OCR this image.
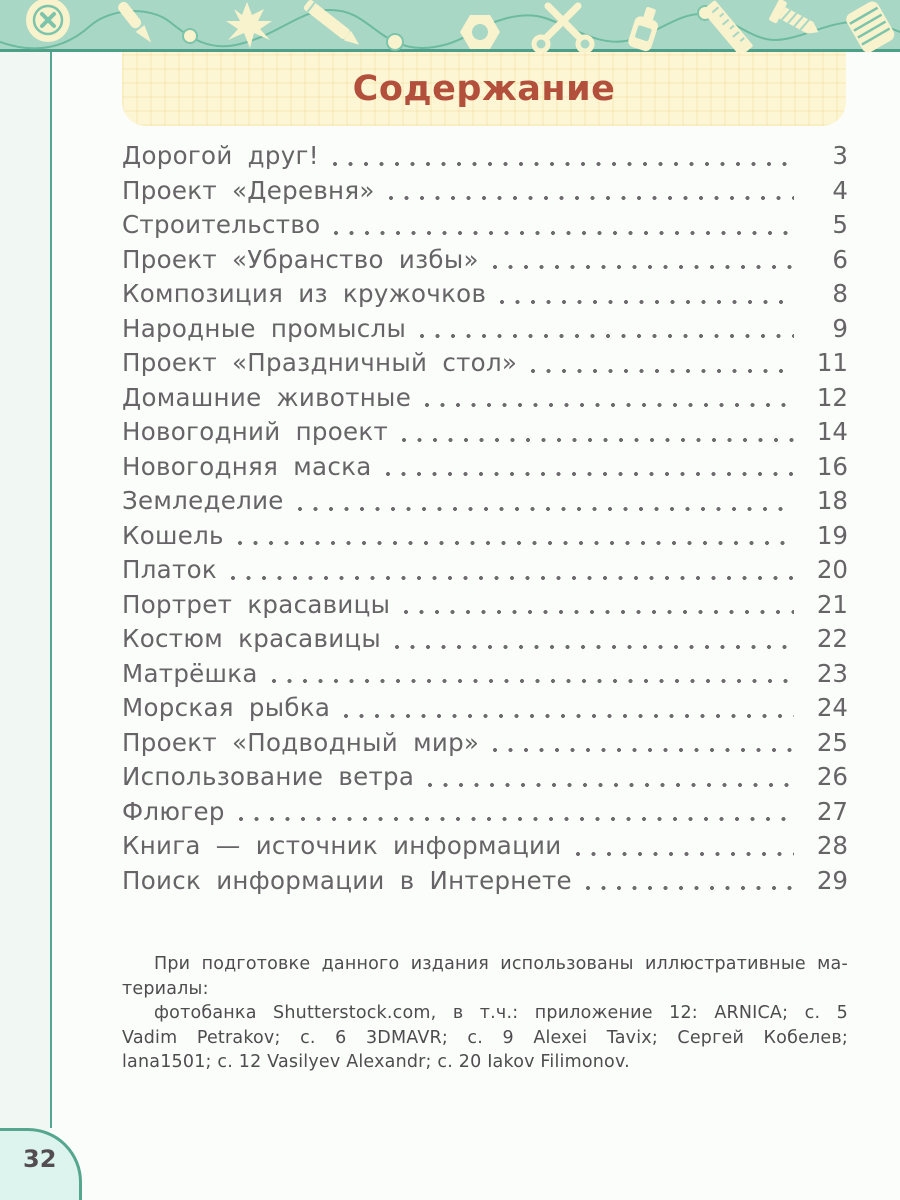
Содержание
Дорогой друг!	3
Проект «Деревня»	4
Строительство	5
Проект «Убранство избы»	6
Композиция из кружочков	8
Народные промыслы	9
Проект «Праздничный стол»	11
Домашние животные	12
Новогодний проект	14
Новогодняя маска	16
Земледелие	18
Кошель	19
Платок	20
Портрет красавицы	21
Костюм красавицы	22
Матрёшка	23
Морская рыбка	24
Проект «Подводный мир»	25
Использование ветра	26
Флюгер	27
Книга — источник информации	28
Поиск информации в Интернете	29
При подготовке данного издания использованы иллюстративные ма-
териалы:
фотобанка Shutterstock.com, в т.ч.: приложение 12: ARNICA; с. 5
Vadim Petrakov; с. 6 3DMAVR; с. 9 Alexei Tavix; Сергей Кобелев;
lana1501; с. 12 Vasilyev Alexandr; с. 20 Iakov Filimonov.
32
